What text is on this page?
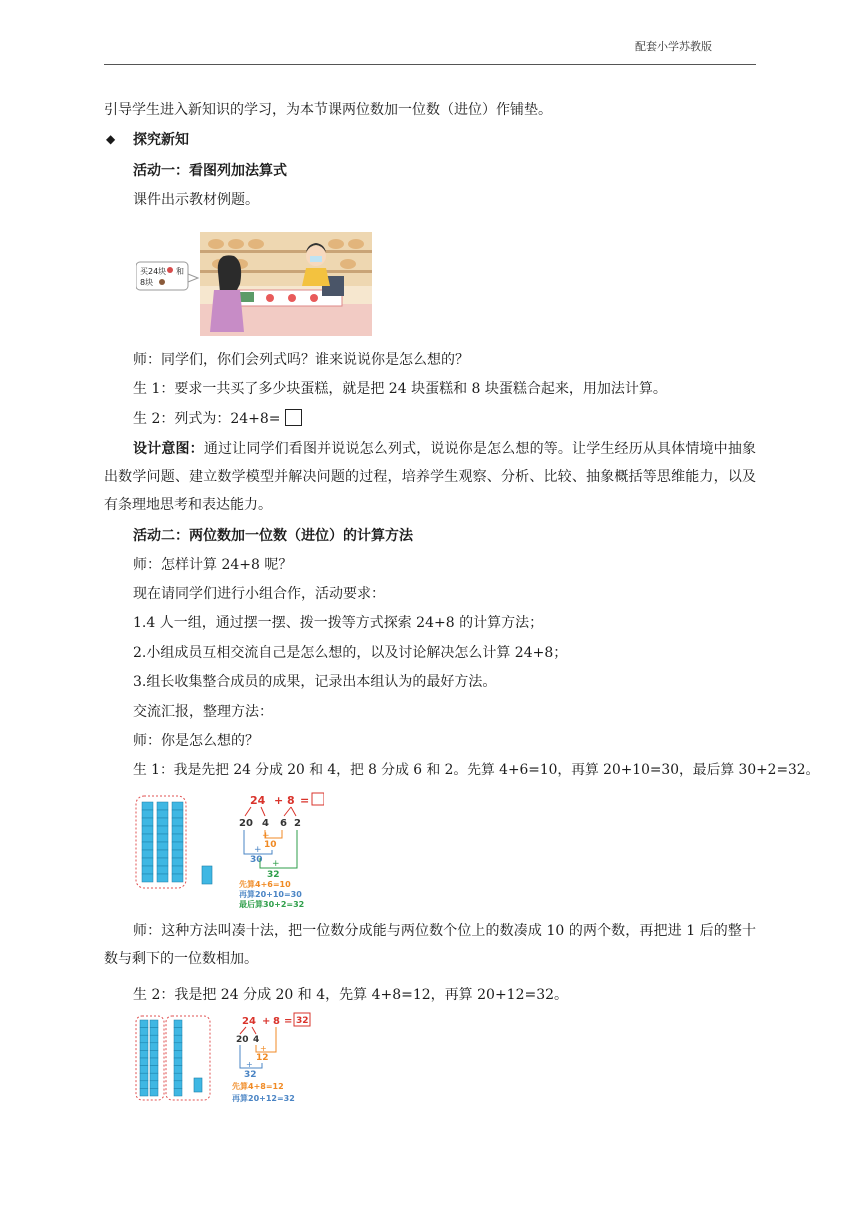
配套小学苏教版
引导学生进入新知识的学习，为本节课两位数加一位数（进位）作铺垫。
◆ 探究新知
活动一：看图列加法算式
课件出示教材例题。
买24块 和
8块
师：同学们，你们会列式吗？谁来说说你是怎么想的？
生 1：要求一共买了多少块蛋糕，就是把 24 块蛋糕和 8 块蛋糕合起来，用加法计算。
生 2：列式为：24+8=
设计意图：通过让同学们看图并说说怎么列式，说说你是怎么想的等。让学生经历从具体情境中抽象出数学问题、建立数学模型并解决问题的过程，培养学生观察、分析、比较、抽象概括等思维能力，以及有条理地思考和表达能力。
活动二：两位数加一位数（进位）的计算方法
师：怎样计算 24+8 呢？
现在请同学们进行小组合作，活动要求：
1.4 人一组，通过摆一摆、拨一拨等方式探索 24+8 的计算方法；
2.小组成员互相交流自己是怎么想的，以及讨论解决怎么计算 24+8；
3.组长收集整合成员的成果，记录出本组认为的最好方法。
交流汇报，整理方法：
师：你是怎么想的？
生 1：我是先把 24 分成 20 和 4，把 8 分成 6 和 2。先算 4+6=10，再算 20+10=30，最后算 30+2=32。
24 + 8 =
20 4 6 2
+
10
+
30 +
32
先算4+6=10
再算20+10=30
最后算30+2=32
师：这种方法叫凑十法，把一位数分成能与两位数个位上的数凑成 10 的两个数，再把进 1 后的整十数与剩下的一位数相加。
生 2：我是把 24 分成 20 和 4，先算 4+8=12，再算 20+12=32。
24 + 8 = 32
20 4
+
12
+
32
先算4+8=12
再算20+12=32
